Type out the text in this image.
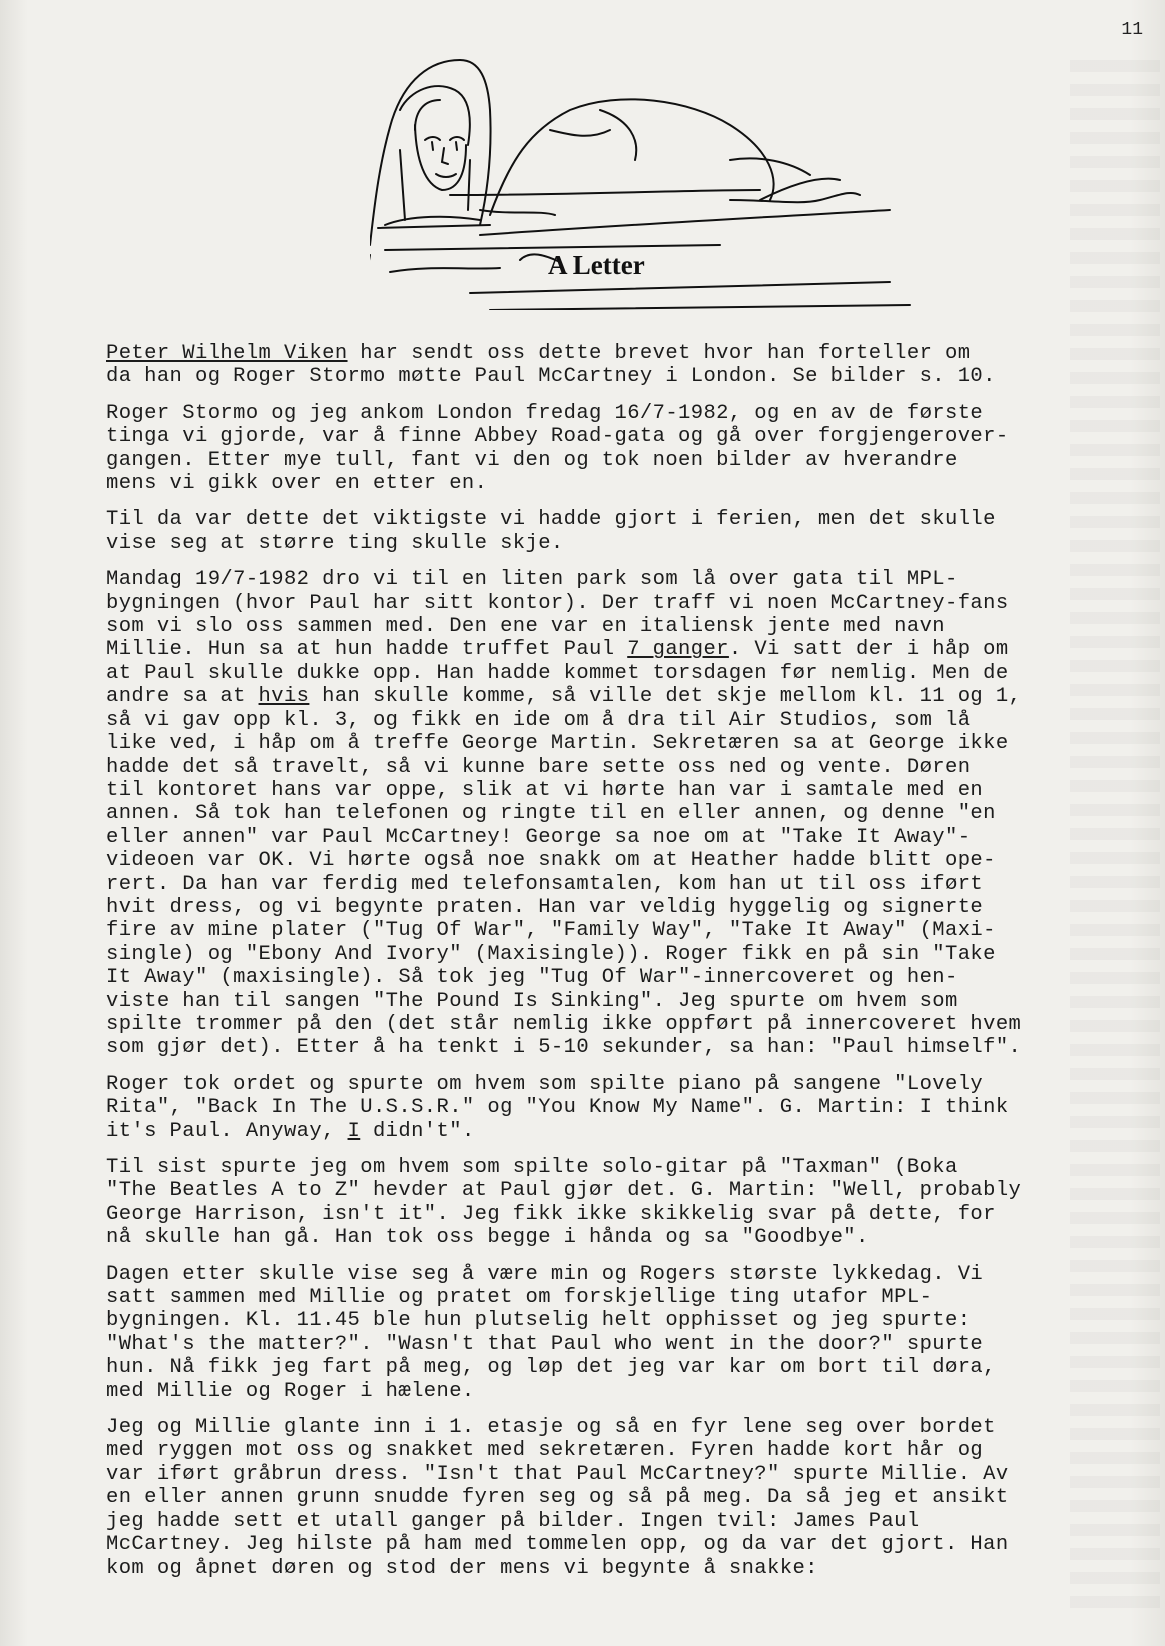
11
A Letter

Peter Wilhelm Viken har sendt oss dette brevet hvor han forteller om
da han og Roger Stormo møtte Paul McCartney i London. Se bilder s. 10.

Roger Stormo og jeg ankom London fredag 16/7-1982, og en av de første
tinga vi gjorde, var å finne Abbey Road-gata og gå over forgjengerover-
gangen. Etter mye tull, fant vi den og tok noen bilder av hverandre
mens vi gikk over en etter en.

Til da var dette det viktigste vi hadde gjort i ferien, men det skulle
vise seg at større ting skulle skje.

Mandag 19/7-1982 dro vi til en liten park som lå over gata til MPL-
bygningen (hvor Paul har sitt kontor). Der traff vi noen McCartney-fans
som vi slo oss sammen med. Den ene var en italiensk jente med navn
Millie. Hun sa at hun hadde truffet Paul 7 ganger. Vi satt der i håp om
at Paul skulle dukke opp. Han hadde kommet torsdagen før nemlig. Men de
andre sa at hvis han skulle komme, så ville det skje mellom kl. 11 og 1,
så vi gav opp kl. 3, og fikk en ide om å dra til Air Studios, som lå
like ved, i håp om å treffe George Martin. Sekretæren sa at George ikke
hadde det så travelt, så vi kunne bare sette oss ned og vente. Døren
til kontoret hans var oppe, slik at vi hørte han var i samtale med en
annen. Så tok han telefonen og ringte til en eller annen, og denne "en
eller annen" var Paul McCartney! George sa noe om at "Take It Away"-
videoen var OK. Vi hørte også noe snakk om at Heather hadde blitt ope-
rert. Da han var ferdig med telefonsamtalen, kom han ut til oss iført
hvit dress, og vi begynte praten. Han var veldig hyggelig og signerte
fire av mine plater ("Tug Of War", "Family Way", "Take It Away" (Maxi-
single) og "Ebony And Ivory" (Maxisingle)). Roger fikk en på sin "Take
It Away" (maxisingle). Så tok jeg "Tug Of War"-innercoveret og hen-
viste han til sangen "The Pound Is Sinking". Jeg spurte om hvem som
spilte trommer på den (det står nemlig ikke oppført på innercoveret hvem
som gjør det). Etter å ha tenkt i 5-10 sekunder, sa han: "Paul himself".

Roger tok ordet og spurte om hvem som spilte piano på sangene "Lovely
Rita", "Back In The U.S.S.R." og "You Know My Name". G. Martin: I think
it's Paul. Anyway, I didn't".

Til sist spurte jeg om hvem som spilte solo-gitar på "Taxman" (Boka
"The Beatles A to Z" hevder at Paul gjør det. G. Martin: "Well, probably
George Harrison, isn't it". Jeg fikk ikke skikkelig svar på dette, for
nå skulle han gå. Han tok oss begge i hånda og sa "Goodbye".

Dagen etter skulle vise seg å være min og Rogers største lykkedag. Vi
satt sammen med Millie og pratet om forskjellige ting utafor MPL-
bygningen. Kl. 11.45 ble hun plutselig helt opphisset og jeg spurte:
"What's the matter?". "Wasn't that Paul who went in the door?" spurte
hun. Nå fikk jeg fart på meg, og løp det jeg var kar om bort til døra,
med Millie og Roger i hælene.

Jeg og Millie glante inn i 1. etasje og så en fyr lene seg over bordet
med ryggen mot oss og snakket med sekretæren. Fyren hadde kort hår og
var iført gråbrun dress. "Isn't that Paul McCartney?" spurte Millie. Av
en eller annen grunn snudde fyren seg og så på meg. Da så jeg et ansikt
jeg hadde sett et utall ganger på bilder. Ingen tvil: James Paul
McCartney. Jeg hilste på ham med tommelen opp, og da var det gjort. Han
kom og åpnet døren og stod der mens vi begynte å snakke:
